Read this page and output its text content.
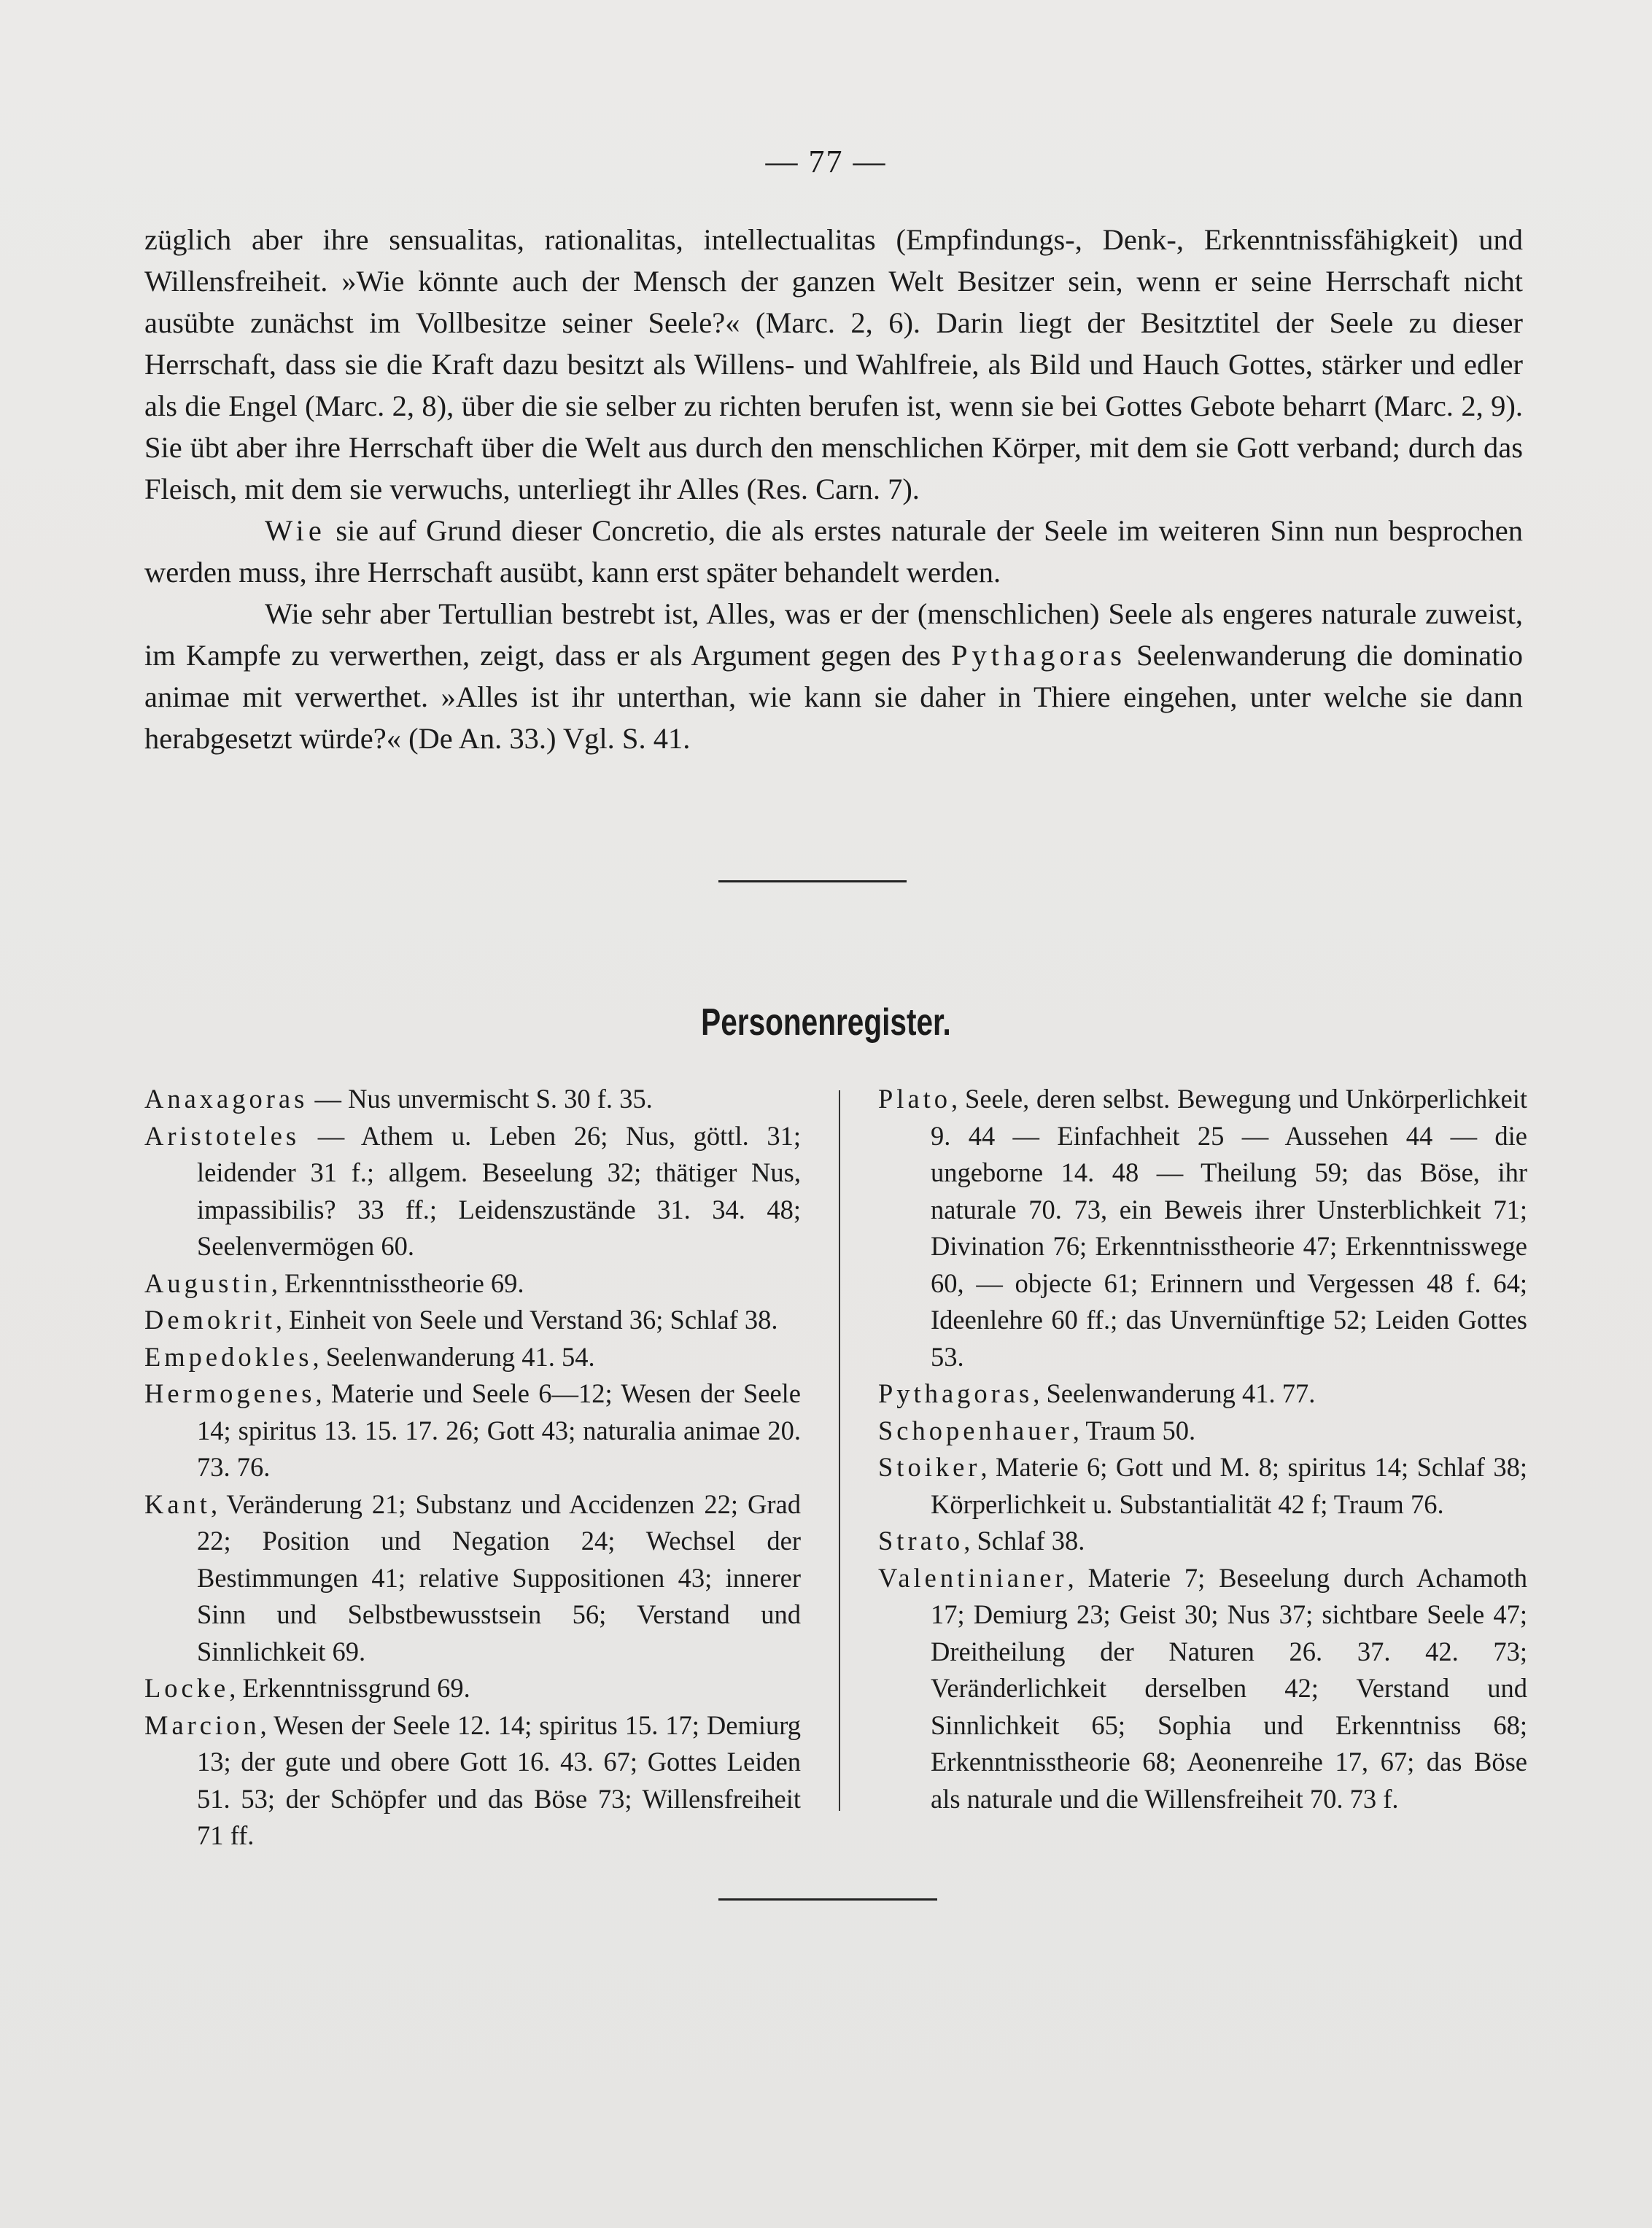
— 77 —

züglich aber ihre sensualitas, rationalitas, intellectualitas (Empfindungs-, Denk-, Erkenntnissfähigkeit) und Willensfreiheit. »Wie könnte auch der Mensch der ganzen Welt Besitzer sein, wenn er seine Herrschaft nicht ausübte zunächst im Vollbesitze seiner Seele?« (Marc. 2, 6). Darin liegt der Besitztitel der Seele zu dieser Herrschaft, dass sie die Kraft dazu besitzt als Willens- und Wahlfreie, als Bild und Hauch Gottes, stärker und edler als die Engel (Marc. 2, 8), über die sie selber zu richten berufen ist, wenn sie bei Gottes Gebote beharrt (Marc. 2, 9). Sie übt aber ihre Herrschaft über die Welt aus durch den menschlichen Körper, mit dem sie Gott verband; durch das Fleisch, mit dem sie verwuchs, unterliegt ihr Alles (Res. Carn. 7).

Wie sie auf Grund dieser Concretio, die als erstes naturale der Seele im weiteren Sinn nun besprochen werden muss, ihre Herrschaft ausübt, kann erst später behandelt werden.

Wie sehr aber Tertullian bestrebt ist, Alles, was er der (menschlichen) Seele als engeres naturale zuweist, im Kampfe zu verwerthen, zeigt, dass er als Argument gegen des Pythagoras Seelenwanderung die dominatio animae mit verwerthet. »Alles ist ihr unterthan, wie kann sie daher in Thiere eingehen, unter welche sie dann herabgesetzt würde?« (De An. 33.) Vgl. S. 41.

Personenregister.

Anaxagoras — Nus unvermischt S. 30 f. 35.

Aristoteles — Athem u. Leben 26; Nus, göttl. 31; leidender 31 f.; allgem. Beseelung 32; thätiger Nus, impassibilis? 33 ff.; Leidenszustände 31. 34. 48; Seelenvermögen 60.

Augustin, Erkenntnisstheorie 69.

Demokrit, Einheit von Seele und Verstand 36; Schlaf 38.

Empedokles, Seelenwanderung 41. 54.

Hermogenes, Materie und Seele 6—12; Wesen der Seele 14; spiritus 13. 15. 17. 26; Gott 43; naturalia animae 20. 73. 76.

Kant, Veränderung 21; Substanz und Accidenzen 22; Grad 22; Position und Negation 24; Wechsel der Bestimmungen 41; relative Suppositionen 43; innerer Sinn und Selbstbewusstsein 56; Verstand und Sinnlichkeit 69.

Locke, Erkenntnissgrund 69.

Marcion, Wesen der Seele 12. 14; spiritus 15. 17; Demiurg 13; der gute und obere Gott 16. 43. 67; Gottes Leiden 51. 53; der Schöpfer und das Böse 73; Willensfreiheit 71 ff.

Plato, Seele, deren selbst. Bewegung und Unkörperlichkeit 9. 44 — Einfachheit 25 — Aussehen 44 — die ungeborne 14. 48 — Theilung 59; das Böse, ihr naturale 70. 73, ein Beweis ihrer Unsterblichkeit 71; Divination 76; Erkenntnisstheorie 47; Erkenntnisswege 60, — objecte 61; Erinnern und Vergessen 48 f. 64; Ideenlehre 60 ff.; das Unvernünftige 52; Leiden Gottes 53.

Pythagoras, Seelenwanderung 41. 77.

Schopenhauer, Traum 50.

Stoiker, Materie 6; Gott und M. 8; spiritus 14; Schlaf 38; Körperlichkeit u. Substantialität 42 f; Traum 76.

Strato, Schlaf 38.

Valentinianer, Materie 7; Beseelung durch Achamoth 17; Demiurg 23; Geist 30; Nus 37; sichtbare Seele 47; Dreitheilung der Naturen 26. 37. 42. 73; Veränderlichkeit derselben 42; Verstand und Sinnlichkeit 65; Sophia und Erkenntniss 68; Erkenntnisstheorie 68; Aeonenreihe 17, 67; das Böse als naturale und die Willensfreiheit 70. 73 f.
